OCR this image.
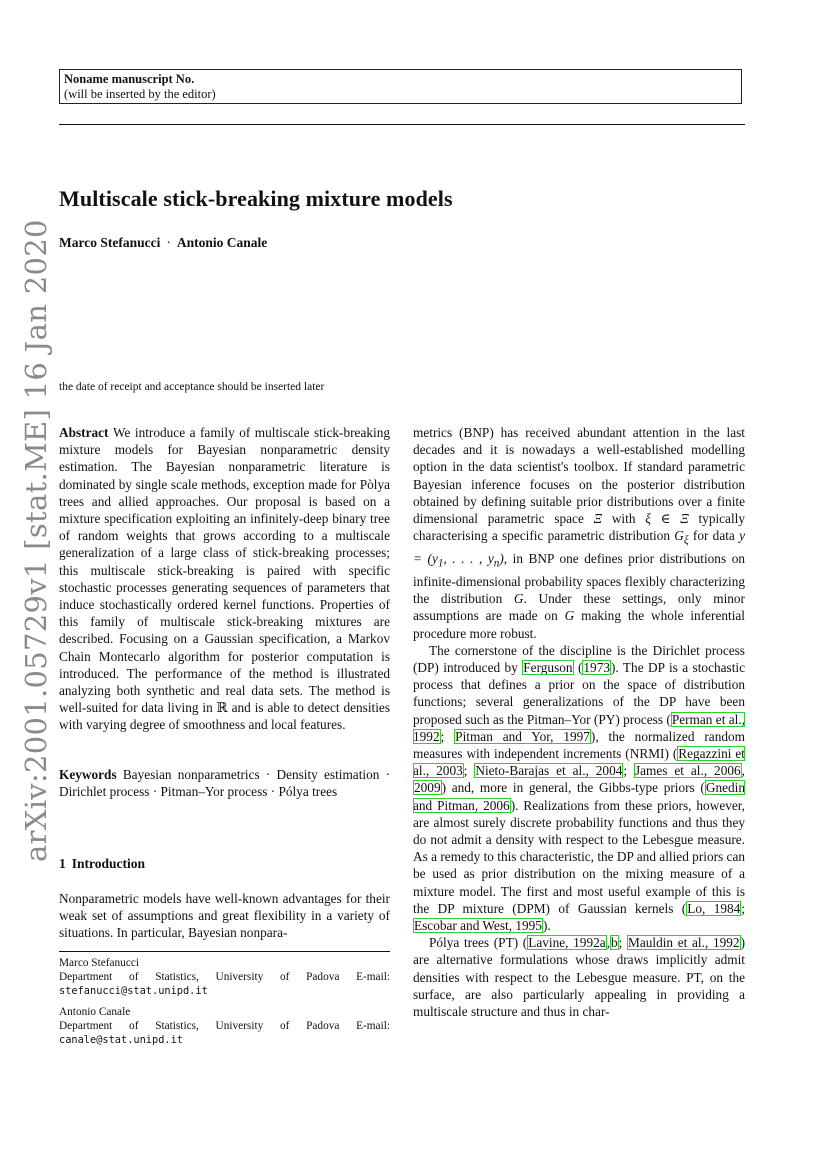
Noname manuscript No.
(will be inserted by the editor)
Multiscale stick-breaking mixture models
Marco Stefanucci · Antonio Canale
arXiv:2001.05729v1 [stat.ME] 16 Jan 2020 the date of receipt and acceptance should be inserted later

Abstract We introduce a family of multiscale stick-breaking mixture models for Bayesian nonparametric density estimation. The Bayesian nonparametric literature is dominated by single scale methods, exception made for Pòlya trees and allied approaches. Our proposal is based on a mixture specification exploiting an infinitely-deep binary tree of random weights that grows according to a multiscale generalization of a large class of stick-breaking processes; this multiscale stick-breaking is paired with specific stochastic processes generating sequences of parameters that induce stochastically ordered kernel functions. Properties of this family of multiscale stick-breaking mixtures are described. Focusing on a Gaussian specification, a Markov Chain Montecarlo algorithm for posterior computation is introduced. The performance of the method is illustrated analyzing both synthetic and real data sets. The method is well-suited for data living in ℝ and is able to detect densities with varying degree of smoothness and local features.

Keywords Bayesian nonparametrics · Density estimation · Dirichlet process · Pitman–Yor process · Pólya trees

1 Introduction

Nonparametric models have well-known advantages for their weak set of assumptions and great flexibility in a variety of situations. In particular, Bayesian nonpara-

Marco Stefanucci
Department of Statistics, University of Padova E-mail:
stefanucci@stat.unipd.it
Antonio Canale
Department of Statistics, University of Padova E-mail:
canale@stat.unipd.it

metrics (BNP) has received abundant attention in the last decades and it is nowadays a well-established modelling option in the data scientist's toolbox. If standard parametric Bayesian inference focuses on the posterior distribution obtained by defining suitable prior distributions over a finite dimensional parametric space Ξ with ξ ∈ Ξ typically characterising a specific parametric distribution $G_\xi$ for data $y = (y_1$, . . . , $y_n$), in BNP one defines prior distributions on infinite-dimensional probability spaces flexibly characterizing the distribution G. Under these settings, only minor assumptions are made on G making the whole inferential procedure more robust.

The cornerstone of the discipline is the Dirichlet process (DP) introduced by Ferguson (1973). The DP is a stochastic process that defines a prior on the space of distribution functions; several generalizations of the DP have been proposed such as the Pitman–Yor (PY) process (Perman et al., 1992; Pitman and Yor, 1997), the normalized random measures with independent increments (NRMI) (Regazzini et al., 2003; Nieto-Barajas et al., 2004; James et al., 2006, 2009) and, more in general, the Gibbs-type priors (Gnedin and Pitman, 2006). Realizations from these priors, however, are almost surely discrete probability functions and thus they do not admit a density with respect to the Lebesgue measure. As a remedy to this characteristic, the DP and allied priors can be used as prior distribution on the mixing measure of a mixture model. The first and most useful example of this is the DP mixture (DPM) of Gaussian kernels (Lo, 1984; Escobar and West, 1995).

Pólya trees (PT) (Lavine, 1992a,b; Mauldin et al., 1992) are alternative formulations whose draws implicitly admit densities with respect to the Lebesgue measure. PT, on the surface, are also particularly appealing in providing a multiscale structure and thus in char-
